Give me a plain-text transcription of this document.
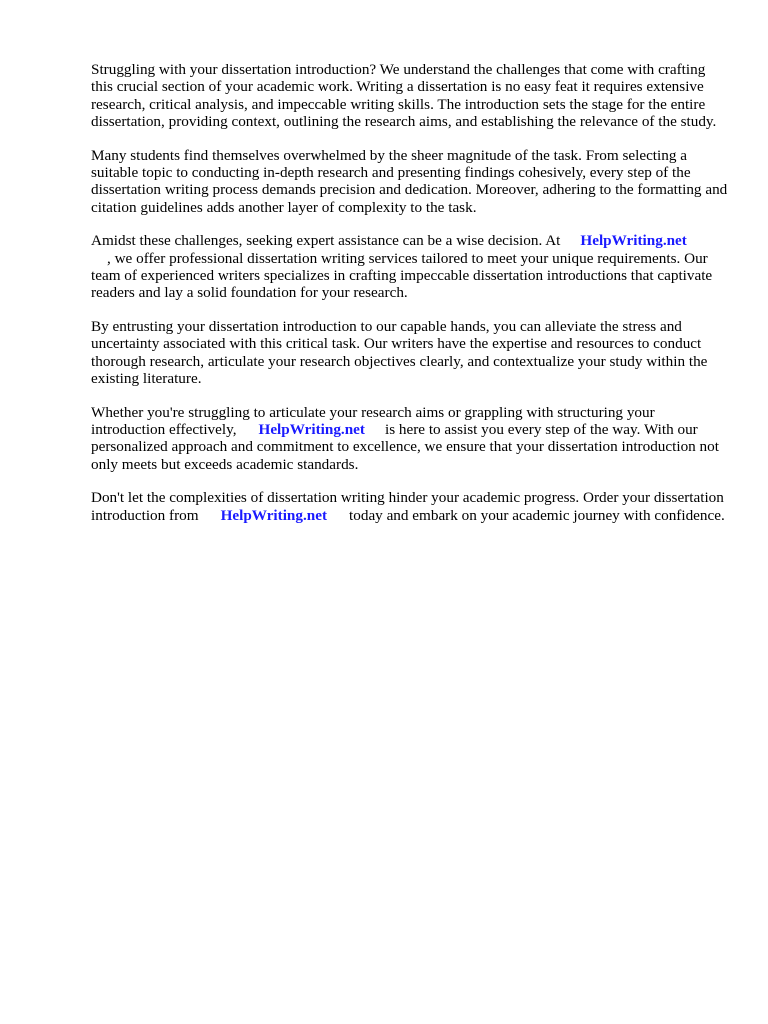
Struggling with your dissertation introduction? We understand the challenges that come with crafting this crucial section of your academic work. Writing a dissertation is no easy feat it requires extensive research, critical analysis, and impeccable writing skills. The introduction sets the stage for the entire dissertation, providing context, outlining the research aims, and establishing the relevance of the study.

Many students find themselves overwhelmed by the sheer magnitude of the task. From selecting a suitable topic to conducting in-depth research and presenting findings cohesively, every step of the dissertation writing process demands precision and dedication. Moreover, adhering to the formatting and citation guidelines adds another layer of complexity to the task.

Amidst these challenges, seeking expert assistance can be a wise decision. At HelpWriting.net
, we offer professional dissertation writing services tailored to meet your unique requirements. Our team of experienced writers specializes in crafting impeccable dissertation introductions that captivate readers and lay a solid foundation for your research.

By entrusting your dissertation introduction to our capable hands, you can alleviate the stress and uncertainty associated with this critical task. Our writers have the expertise and resources to conduct thorough research, articulate your research objectives clearly, and contextualize your study within the existing literature.

Whether you're struggling to articulate your research aims or grappling with structuring your introduction effectively, HelpWriting.net is here to assist you every step of the way. With our personalized approach and commitment to excellence, we ensure that your dissertation introduction not only meets but exceeds academic standards.

Don't let the complexities of dissertation writing hinder your academic progress. Order your dissertation introduction from HelpWriting.net today and embark on your academic journey with confidence.
